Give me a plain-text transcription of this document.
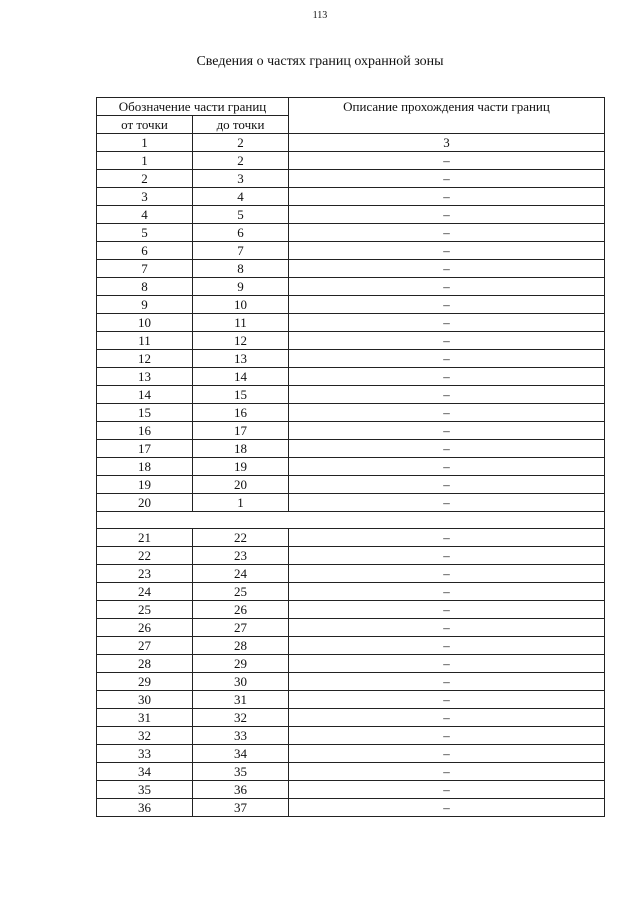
113
Сведения о частях границ охранной зоны
Обозначение части границ		Описание прохождения части границ
от точки	до точки	
1	2	3
1	2	–
2	3	–
3	4	–
4	5	–
5	6	–
6	7	–
7	8	–
8	9	–
9	10	–
10	11	–
11	12	–
12	13	–
13	14	–
14	15	–
15	16	–
16	17	–
17	18	–
18	19	–
19	20	–
20	1	–

21	22	–
22	23	–
23	24	–
24	25	–
25	26	–
26	27	–
27	28	–
28	29	–
29	30	–
30	31	–
31	32	–
32	33	–
33	34	–
34	35	–
35	36	–
36	37	–
